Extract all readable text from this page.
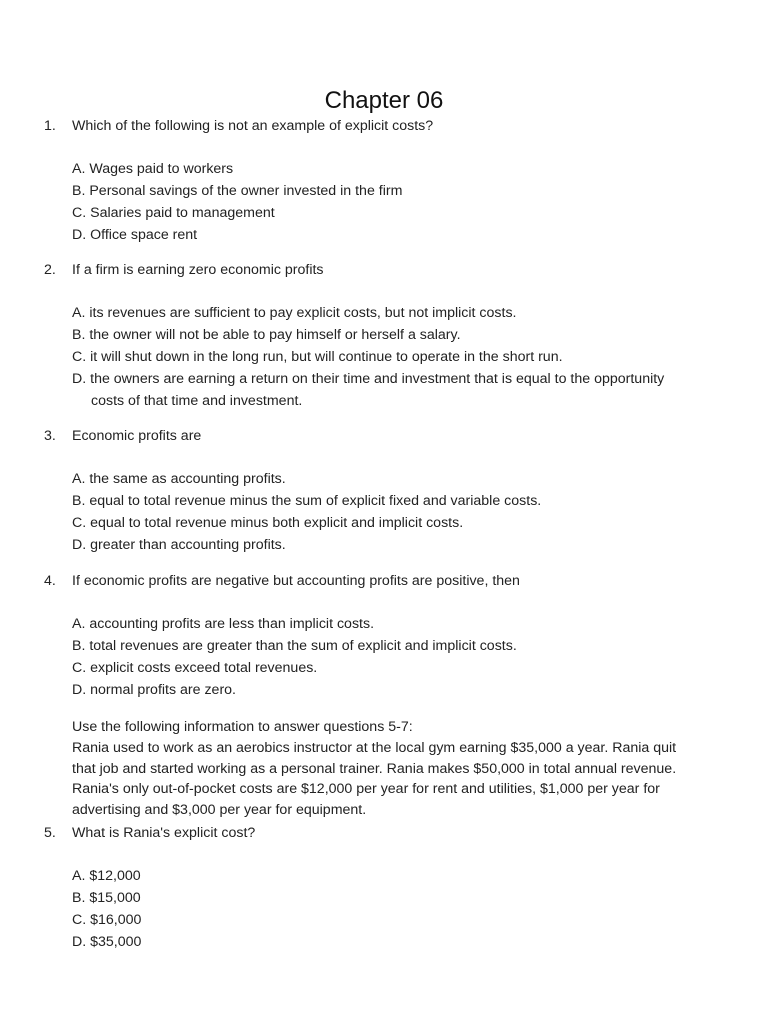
Chapter 06
1. Which of the following is not an example of explicit costs?
A. Wages paid to workers
B. Personal savings of the owner invested in the firm
C. Salaries paid to management
D. Office space rent
2. If a firm is earning zero economic profits
A. its revenues are sufficient to pay explicit costs, but not implicit costs.
B. the owner will not be able to pay himself or herself a salary.
C. it will shut down in the long run, but will continue to operate in the short run.
D. the owners are earning a return on their time and investment that is equal to the opportunity
costs of that time and investment.
3. Economic profits are
A. the same as accounting profits.
B. equal to total revenue minus the sum of explicit fixed and variable costs.
C. equal to total revenue minus both explicit and implicit costs.
D. greater than accounting profits.
4. If economic profits are negative but accounting profits are positive, then
A. accounting profits are less than implicit costs.
B. total revenues are greater than the sum of explicit and implicit costs.
C. explicit costs exceed total revenues.
D. normal profits are zero.

Use the following information to answer questions 5-7:

Rania used to work as an aerobics instructor at the local gym earning $35,000 a year. Rania quit

that job and started working as a personal trainer. Rania makes $50,000 in total annual revenue.

Rania's only out-of-pocket costs are $12,000 per year for rent and utilities, $1,000 per year for

advertising and $3,000 per year for equipment.

5. What is Rania's explicit cost?
A. $12,000
B. $15,000
C. $16,000
D. $35,000
